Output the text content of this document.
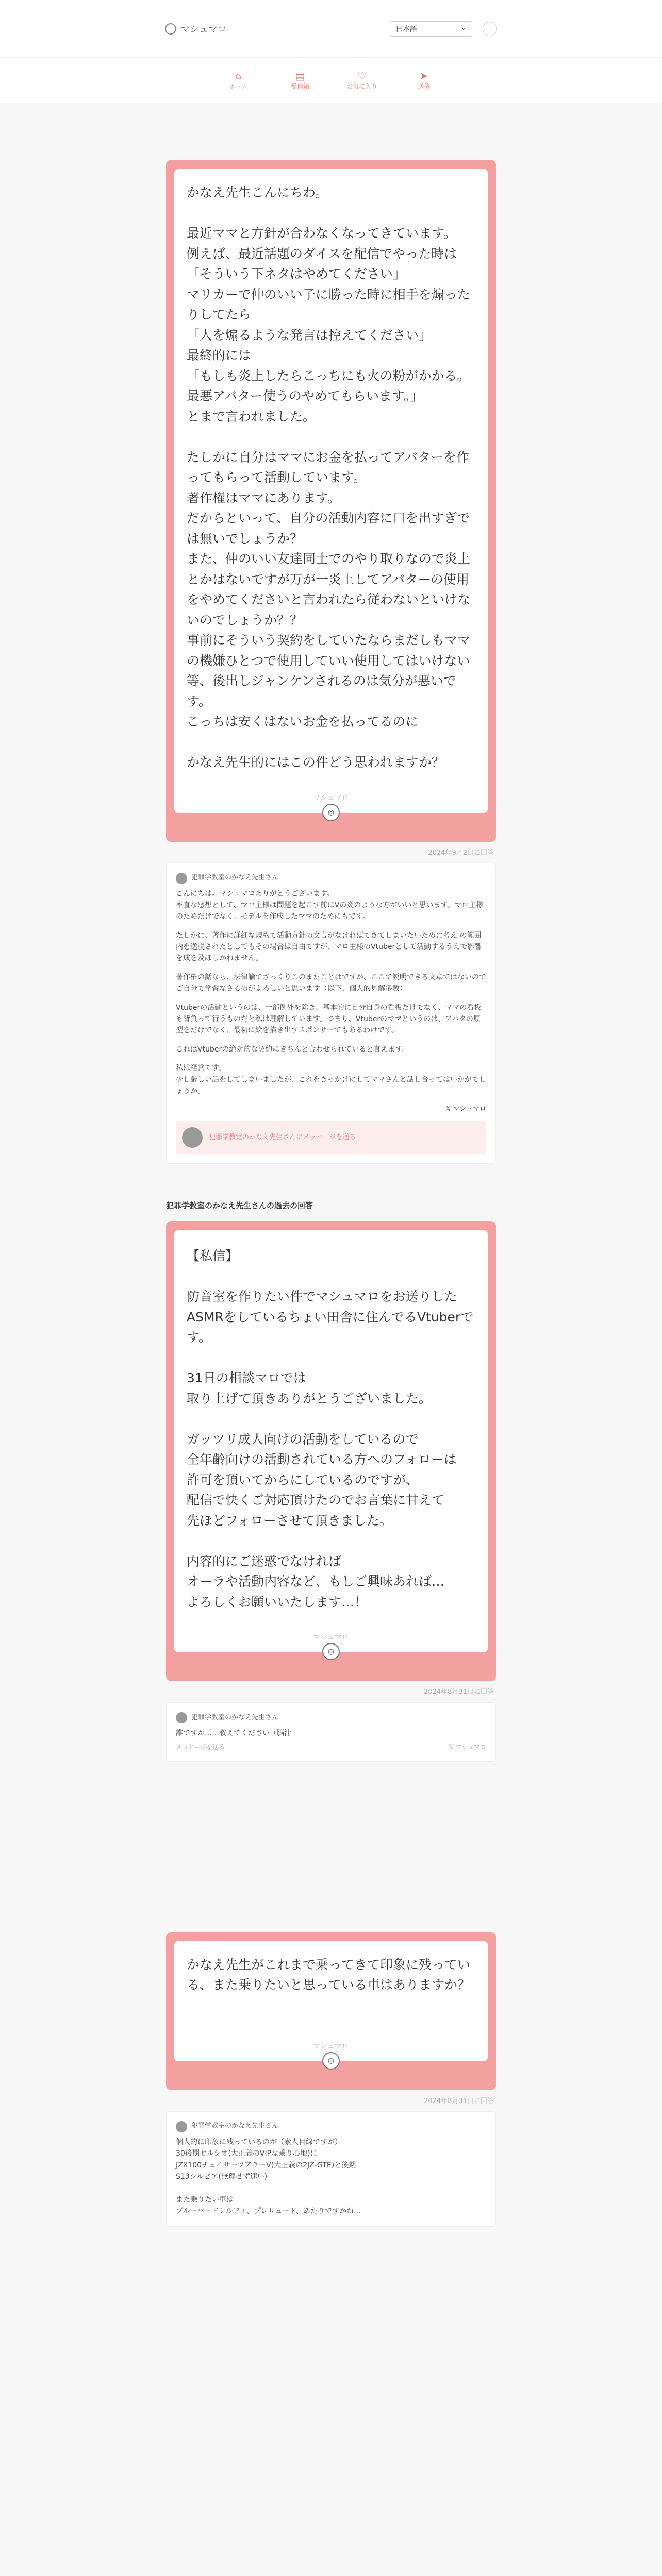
マシュマロ	日本語	⌄
⌂
ホーム
▤
受信箱
♡
お気に入り
➤
送信
かなえ先生こんにちわ。

最近ママと方針が合わなくなってきています。
例えば、最近話題のダイスを配信でやった時は
「そういう下ネタはやめてください」
マリカーで仲のいい子に勝った時に相手を煽ったりしてたら
「人を煽るような発言は控えてください」
最終的には
「もしも炎上したらこっちにも火の粉がかかる。最悪アバター使うのやめてもらいます。」
とまで言われました。

たしかに自分はママにお金を払ってアバターを作ってもらって活動しています。
著作権はママにあります。
だからといって、自分の活動内容に口を出すぎでは無いでしょうか？
また、仲のいい友達同士でのやり取りなので炎上とかはないですが万が一炎上してアバターの使用をやめてくださいと言われたら従わないといけないのでしょうか？？
事前にそういう契約をしていたならまだしもママの機嫌ひとつで使用していい使用してはいけない等、後出しジャンケンされるのは気分が悪いです。
こっちは安くはないお金を払ってるのに

かなえ先生的にはこの件どう思われますか？
マシュマロ
◎
2024年9月2日に回答
犯罪学教室のかなえ先生さん

こんにちは。マシュマロありがとうございます。
率直な感想として、マロ主様は問題を起こす前にVの炎のような方がいいと思います。マロ主様のためだけでなく、モデルを作成したママのためにもです。

たしかに、著作に詳細な規約で活動方針の文言がなければできてしまいたいために考え の範囲内を逸脱されたとしてもその場合は自由ですが、マロ主様のVtuberとして活動するうえで影響を成を及ぼしかねません。

著作権の話なら、法律論でざっくりこのまたことはですが、ここで説明できる文章ではないのでご自分で学習なさるのがよろしいと思います（以下、個人的見解多数）

Vtuberの活動というのは、一部例外を除き、基本的に自分自身の看板だけでなく、ママの看板も背負って行うものだと私は理解しています。つまり、Vtuberのママというのは、アバタの原型をだけでなく、最初に絵を描き出すスポンサーでもあるわけです。

これはVtuberの絶対的な契約にきちんと合わせられていると言えます。

私は経営です。
少し厳しい話をしてしまいましたが、これをきっかけにしてママさんと話し合ってはいかがでしょうか。

𝕏 マシュマロ
犯罪学教室のかなえ先生さんにメッセージを送る
犯罪学教室のかなえ先生さんの過去の回答
【私信】

防音室を作りたい件でマシュマロをお送りしたASMRをしているちょい田舎に住んでるVtuberです。

31日の相談マロでは
取り上げて頂きありがとうございました。

ガッツリ成人向けの活動をしているので
全年齢向けの活動されている方へのフォローは
許可を頂いてからにしているのですが、
配信で快くご対応頂けたのでお言葉に甘えて
先ほどフォローさせて頂きました。

内容的にご迷惑でなければ
オーラや活動内容など、もしご興味あれば…
よろしくお願いいたします…！
マシュマロ
◎
2024年8月31日に回答
犯罪学教室のかなえ先生さん
誰ですか……教えてください（脳汁
メッセージを送る	𝕏 マシュマロ
かなえ先生がこれまで乗ってきて印象に残っている、また乗りたいと思っている車はありますか？
マシュマロ
◎
2024年8月31日に回答
犯罪学教室のかなえ先生さん
個人的に印象に残っているのが（素人目線ですが）
30後期セルシオ(大正義のVIPな乗り心地)に
JZX100チェイサーツアラーV(大正義の2JZ-GTE)と後期
S13シルビア(無理せず速い)

また乗りたい車は
ブルーバードシルフィ、プレリュード、あたりですかね…
